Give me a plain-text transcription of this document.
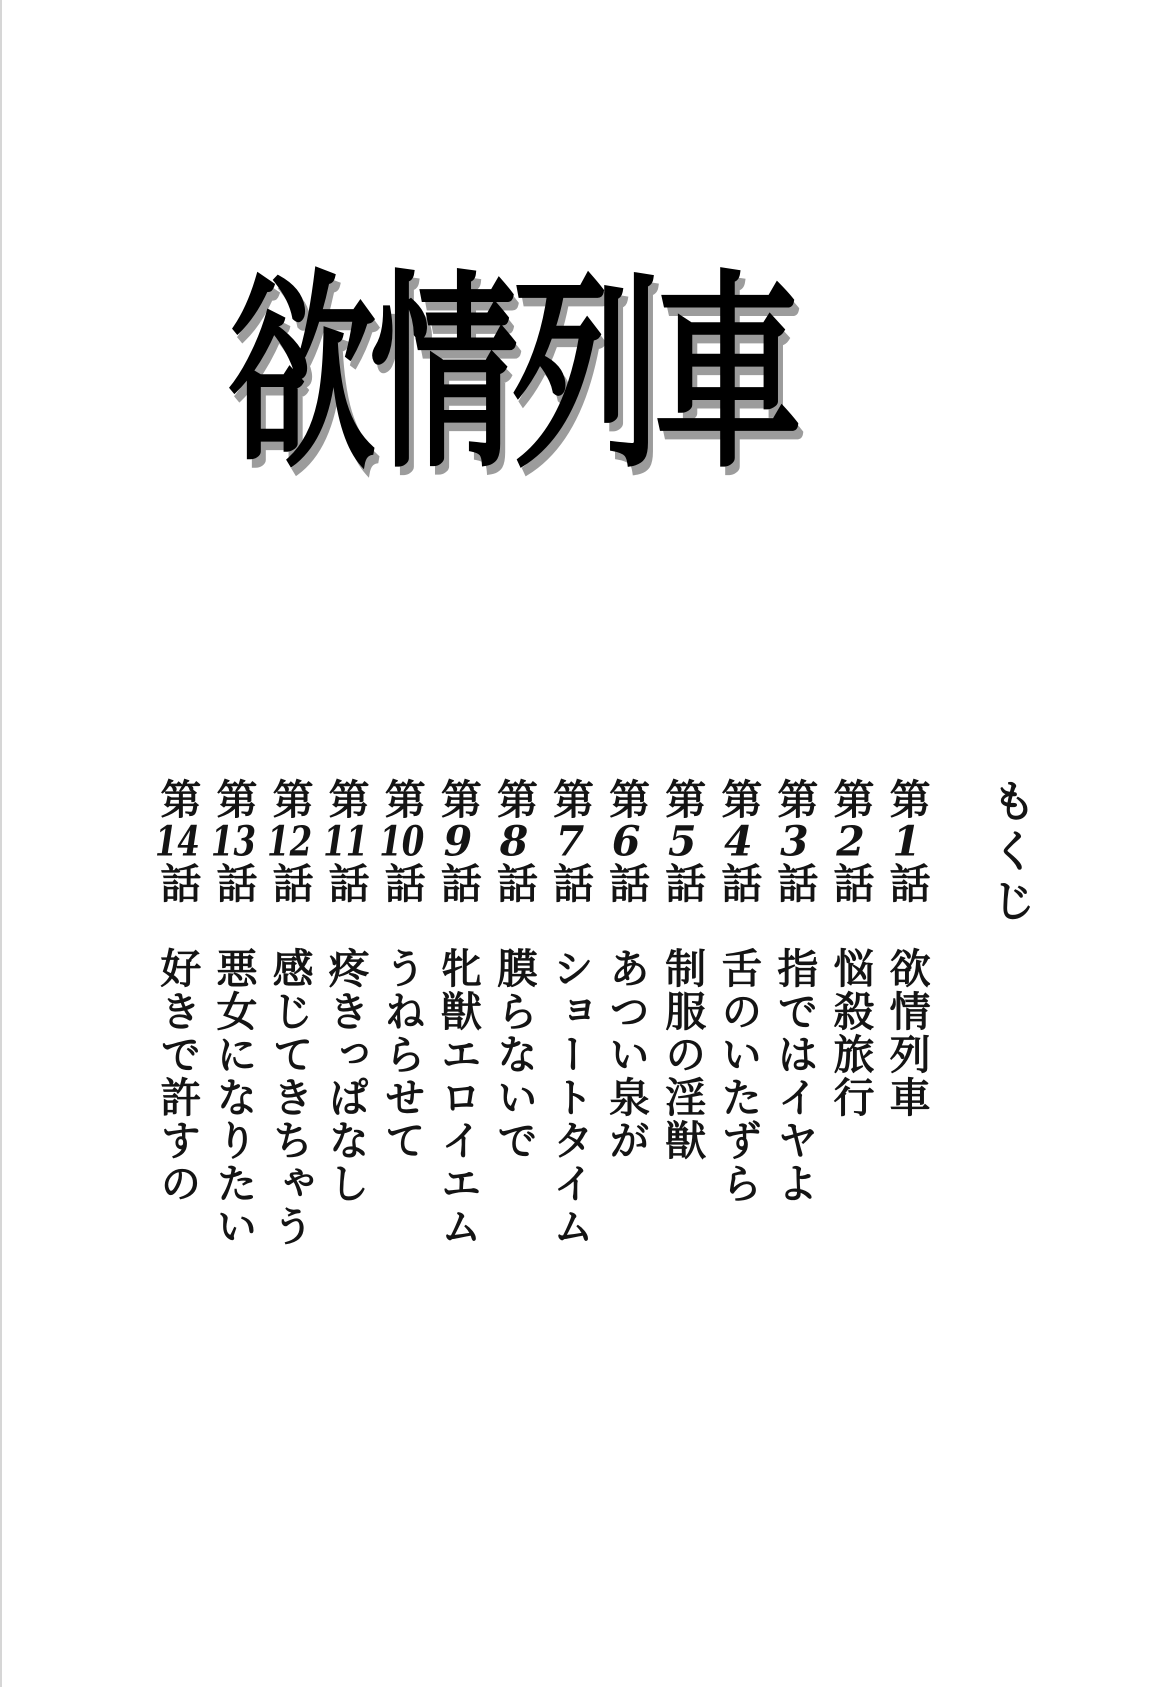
欲情列車
もくじ
第1話欲情列車
第2話悩殺旅行
第3話指ではイヤよ
第4話舌のいたずら
第5話制服の淫獣
第6話あつい泉が
第7話ショートタイム
第8話膜らないで
第9話牝獣エロイエム
第10話うねらせて
第11話疼きっぱなし
第12話感じてきちゃう
第13話悪女になりたい
第14話好きで許すの
